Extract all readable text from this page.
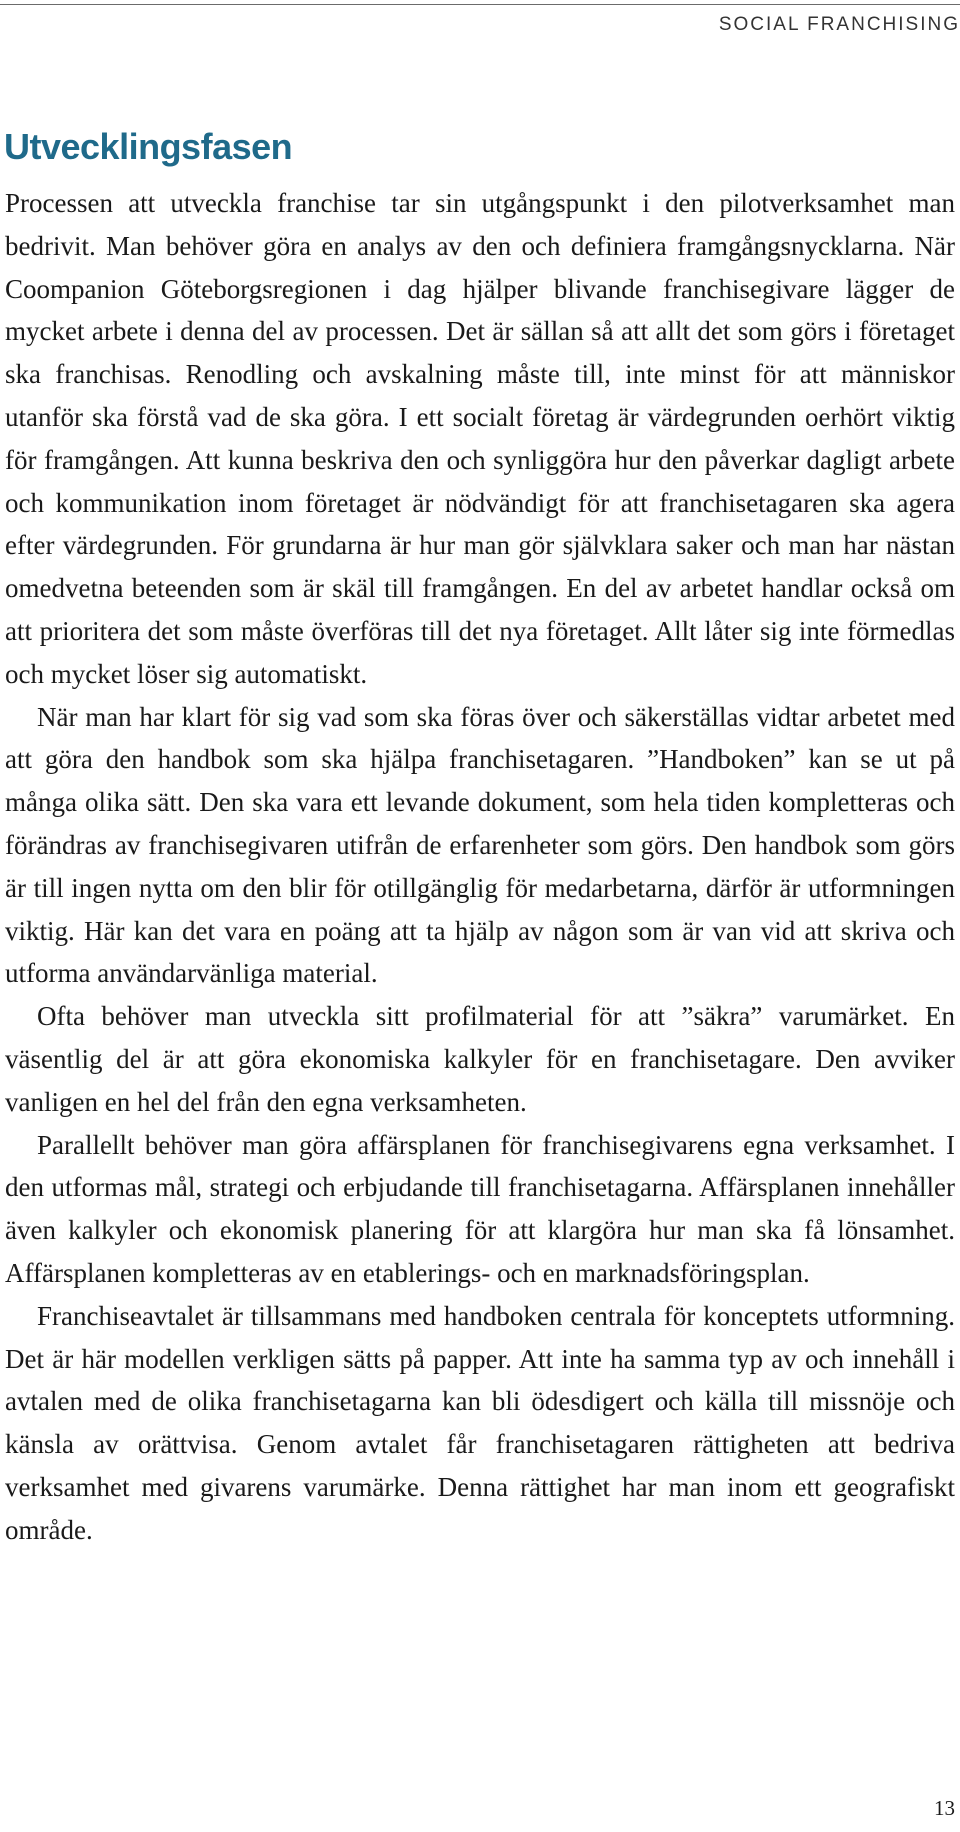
SOCIAL FRANCHISING
Utvecklingsfasen

Processen att utveckla franchise tar sin utgångspunkt i den pilotverksamhet man bedrivit. Man behöver göra en analys av den och definiera framgångsnycklarna. När Coompanion Göteborgsregionen i dag hjälper blivande franchisegivare lägger de mycket arbete i denna del av processen. Det är sällan så att allt det som görs i företaget ska franchisas. Renodling och avskalning måste till, inte minst för att människor utanför ska förstå vad de ska göra. I ett socialt företag är värdegrunden oerhört viktig för framgången. Att kunna beskriva den och synliggöra hur den påverkar dagligt arbete och kommunikation inom företaget är nödvändigt för att franchisetagaren ska agera efter värdegrunden. För grundarna är hur man gör självklara saker och man har nästan omedvetna beteenden som är skäl till framgången. En del av arbetet handlar också om att prioritera det som måste överföras till det nya företaget. Allt låter sig inte förmedlas och mycket löser sig automatiskt.

När man har klart för sig vad som ska föras över och säkerställas vidtar arbetet med att göra den handbok som ska hjälpa franchisetagaren. ”Handboken” kan se ut på många olika sätt. Den ska vara ett levande dokument, som hela tiden kompletteras och förändras av franchisegivaren utifrån de erfarenheter som görs. Den handbok som görs är till ingen nytta om den blir för otillgänglig för medarbetarna, därför är utformningen viktig. Här kan det vara en poäng att ta hjälp av någon som är van vid att skriva och utforma användarvänliga material.

Ofta behöver man utveckla sitt profilmaterial för att ”säkra” varumärket. En väsentlig del är att göra ekonomiska kalkyler för en franchisetagare. Den avviker vanligen en hel del från den egna verksamheten.

Parallellt behöver man göra affärsplanen för franchisegivarens egna verksamhet. I den utformas mål, strategi och erbjudande till franchisetagarna. Affärsplanen innehåller även kalkyler och ekonomisk planering för att klargöra hur man ska få lönsamhet. Affärsplanen kompletteras av en etablerings- och en marknadsföringsplan.

Franchiseavtalet är tillsammans med handboken centrala för konceptets utformning. Det är här modellen verkligen sätts på papper. Att inte ha samma typ av och innehåll i avtalen med de olika franchisetagarna kan bli ödesdigert och källa till missnöje och känsla av orättvisa. Genom avtalet får franchisetagaren rättigheten att bedriva verksamhet med givarens varumärke. Denna rättighet har man inom ett geografiskt område.

13
